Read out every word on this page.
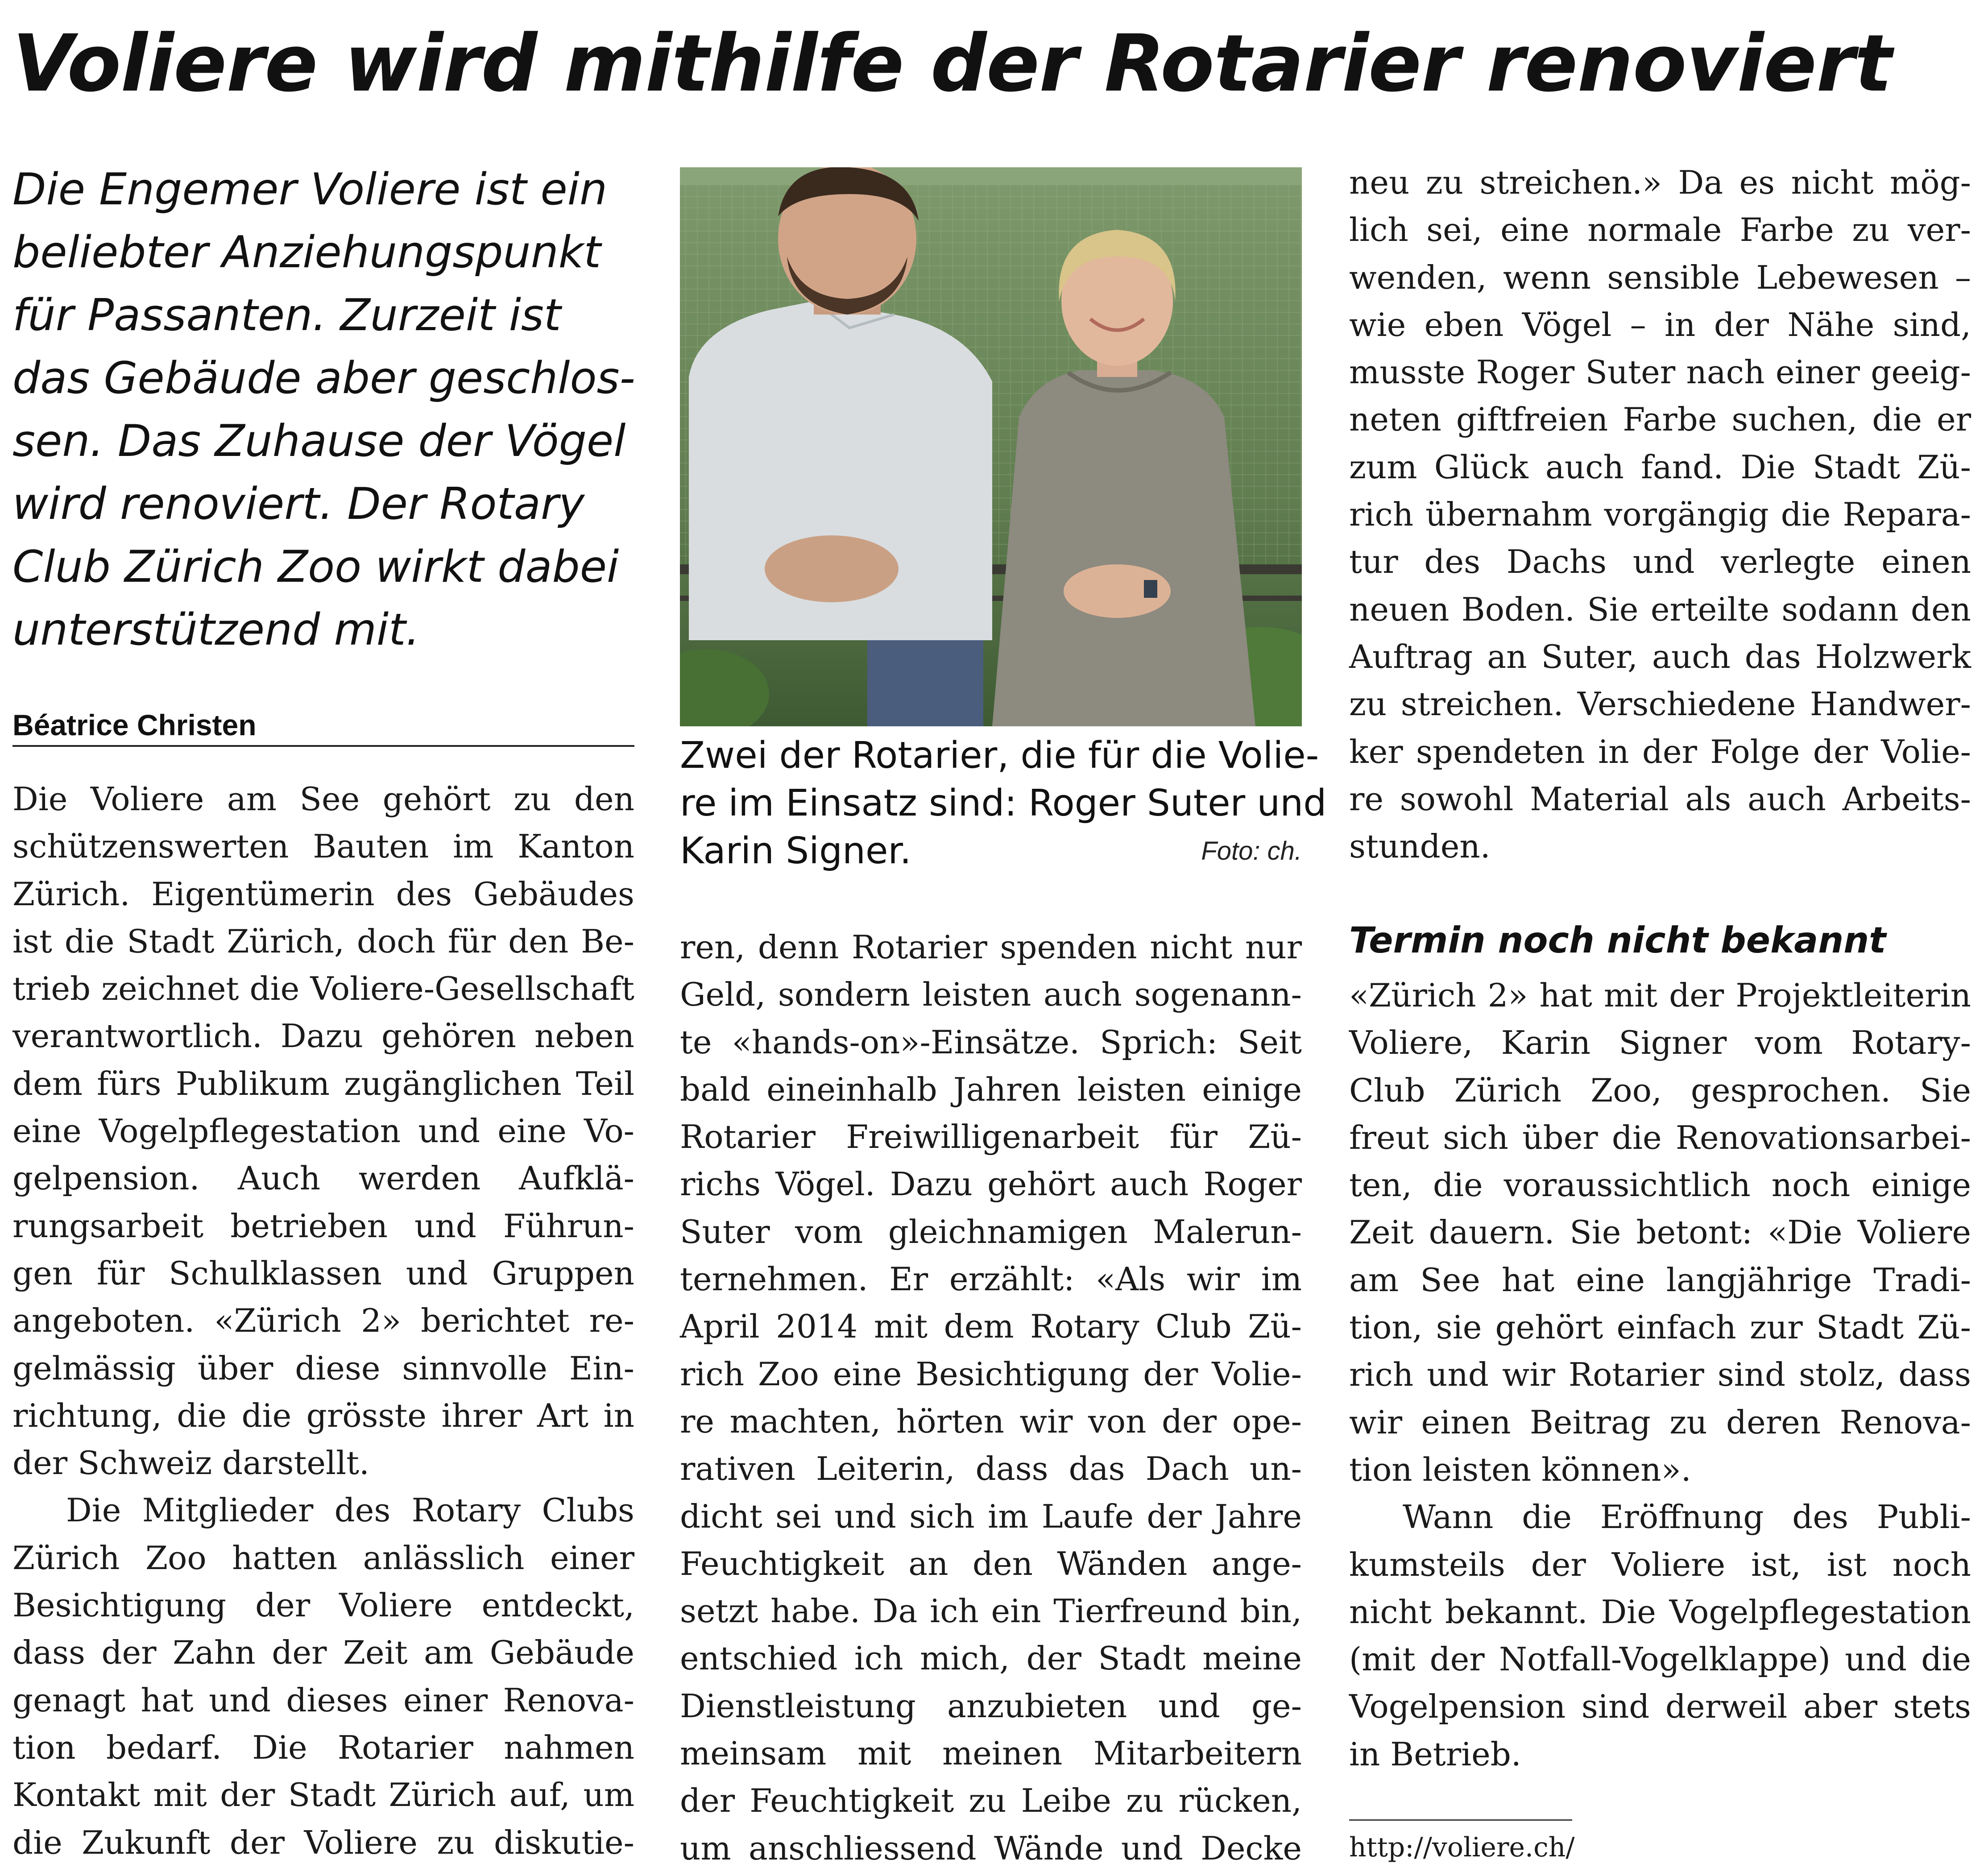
Voliere wird mithilfe der Rotarier renoviert
Die Engemer Voliere ist ein
beliebter Anziehungspunkt
für Passanten. Zurzeit ist
das Gebäude aber geschlos-
sen. Das Zuhause der Vögel
wird renoviert. Der Rotary
Club Zürich Zoo wirkt dabei
unterstützend mit.
Béatrice Christen
Die Voliere am See gehört zu den
schützenswerten Bauten im Kanton
Zürich. Eigentümerin des Gebäudes
ist die Stadt Zürich, doch für den Be-
trieb zeichnet die Voliere-Gesellschaft
verantwortlich. Dazu gehören neben
dem fürs Publikum zugänglichen Teil
eine Vogelpflegestation und eine Vo-
gelpension. Auch werden Aufklä-
rungsarbeit betrieben und Führun-
gen für Schulklassen und Gruppen
angeboten. «Zürich 2» berichtet re-
gelmässig über diese sinnvolle Ein-
richtung, die die grösste ihrer Art in
der Schweiz darstellt.
Die Mitglieder des Rotary Clubs
Zürich Zoo hatten anlässlich einer
Besichtigung der Voliere entdeckt,
dass der Zahn der Zeit am Gebäude
genagt hat und dieses einer Renova-
tion bedarf. Die Rotarier nahmen
Kontakt mit der Stadt Zürich auf, um
die Zukunft der Voliere zu diskutie-
Zwei der Rotarier, die für die Volie-
re im Einsatz sind: Roger Suter und
Karin Signer.	Foto: ch.
ren, denn Rotarier spenden nicht nur
Geld, sondern leisten auch sogenann-
te «hands-on»-Einsätze. Sprich: Seit
bald eineinhalb Jahren leisten einige
Rotarier Freiwilligenarbeit für Zü-
richs Vögel. Dazu gehört auch Roger
Suter vom gleichnamigen Malerun-
ternehmen. Er erzählt: «Als wir im
April 2014 mit dem Rotary Club Zü-
rich Zoo eine Besichtigung der Volie-
re machten, hörten wir von der ope-
rativen Leiterin, dass das Dach un-
dicht sei und sich im Laufe der Jahre
Feuchtigkeit an den Wänden ange-
setzt habe. Da ich ein Tierfreund bin,
entschied ich mich, der Stadt meine
Dienstleistung anzubieten und ge-
meinsam mit meinen Mitarbeitern
der Feuchtigkeit zu Leibe zu rücken,
um anschliessend Wände und Decke
neu zu streichen.» Da es nicht mög-
lich sei, eine normale Farbe zu ver-
wenden, wenn sensible Lebewesen –
wie eben Vögel – in der Nähe sind,
musste Roger Suter nach einer geeig-
neten giftfreien Farbe suchen, die er
zum Glück auch fand. Die Stadt Zü-
rich übernahm vorgängig die Repara-
tur des Dachs und verlegte einen
neuen Boden. Sie erteilte sodann den
Auftrag an Suter, auch das Holzwerk
zu streichen. Verschiedene Handwer-
ker spendeten in der Folge der Volie-
re sowohl Material als auch Arbeits-
stunden.
Termin noch nicht bekannt
«Zürich 2» hat mit der Projektleiterin
Voliere, Karin Signer vom Rotary-
Club Zürich Zoo, gesprochen. Sie
freut sich über die Renovationsarbei-
ten, die voraussichtlich noch einige
Zeit dauern. Sie betont: «Die Voliere
am See hat eine langjährige Tradi-
tion, sie gehört einfach zur Stadt Zü-
rich und wir Rotarier sind stolz, dass
wir einen Beitrag zu deren Renova-
tion leisten können».
Wann die Eröffnung des Publi-
kumsteils der Voliere ist, ist noch
nicht bekannt. Die Vogelpflegestation
(mit der Notfall-Vogelklappe) und die
Vogelpension sind derweil aber stets
in Betrieb.
http://voliere.ch/
